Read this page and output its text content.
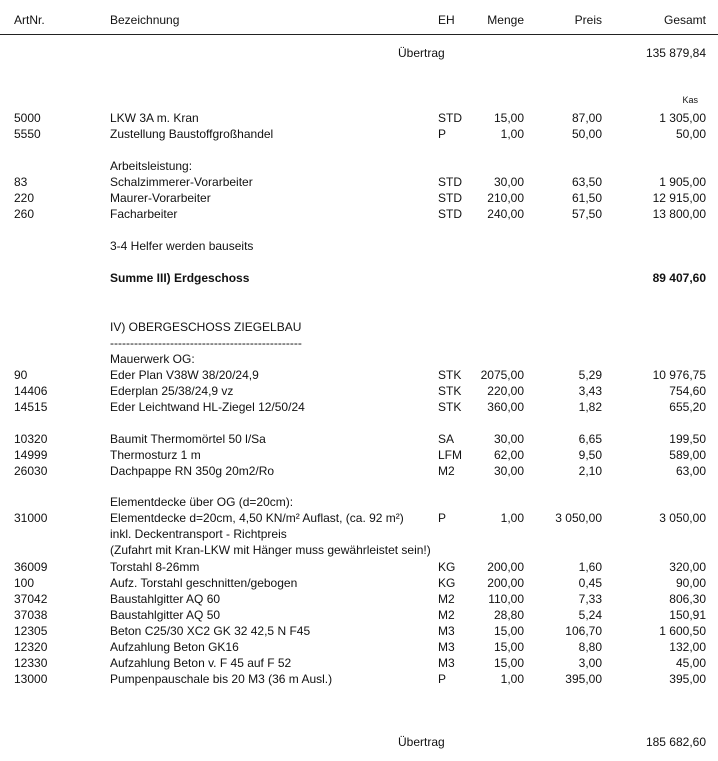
ArtNr.	Bezeichnung	EH	Menge	Preis	Gesamt
Übertrag	135 879,84
Kas
5000	LKW 3A m. Kran	STD	15,00	87,00	1 305,00
5550	Zustellung Baustoffgroßhandel	P	1,00	50,00	50,00
Arbeitsleistung:
83	Schalzimmerer-Vorarbeiter	STD	30,00	63,50	1 905,00
220	Maurer-Vorarbeiter	STD 210,00	61,50	12 915,00
260	Facharbeiter	STD 240,00	57,50	13 800,00
3-4 Helfer werden bauseits
Summe III) Erdgeschoss	89 407,60
IV) OBERGESCHOSS ZIEGELBAU
------------------------------------------------
Mauerwerk OG:
90	Eder Plan V38W 38/20/24,9	STK 2075,00	5,29	10 976,75
14406	Ederplan 25/38/24,9 vz	STK 220,00	3,43	754,60
14515	Eder Leichtwand HL-Ziegel 12/50/24	STK 360,00	1,82	655,20
10320	Baumit Thermomörtel 50 l/Sa	SA	30,00	6,65	199,50
14999	Thermosturz 1 m	LFM	62,00	9,50	589,00
26030	Dachpappe RN 350g 20m2/Ro	M2	30,00	2,10	63,00
Elementdecke über OG (d=20cm):
31000	Elementdecke d=20cm, 4,50 KN/m² Auflast, (ca. 92 m²)	P	1,00	3 050,00	3 050,00
inkl. Deckentransport - Richtpreis
(Zufahrt mit Kran-LKW mit Hänger muss gewährleistet sein!)
36009	Torstahl 8-26mm	KG	200,00	1,60	320,00
100	Aufz. Torstahl geschnitten/gebogen	KG	200,00	0,45	90,00
37042	Baustahlgitter AQ 60	M2	110,00	7,33	806,30
37038	Baustahlgitter AQ 50	M2	28,80	5,24	150,91
12305	Beton C25/30 XC2 GK 32 42,5 N F45	M3	15,00	106,70	1 600,50
12320	Aufzahlung Beton GK16	M3	15,00	8,80	132,00
12330	Aufzahlung Beton v. F 45 auf F 52	M3	15,00	3,00	45,00
13000	Pumpenpauschale bis 20 M3 (36 m Ausl.)	P	1,00	395,00	395,00
Übertrag	185 682,60
